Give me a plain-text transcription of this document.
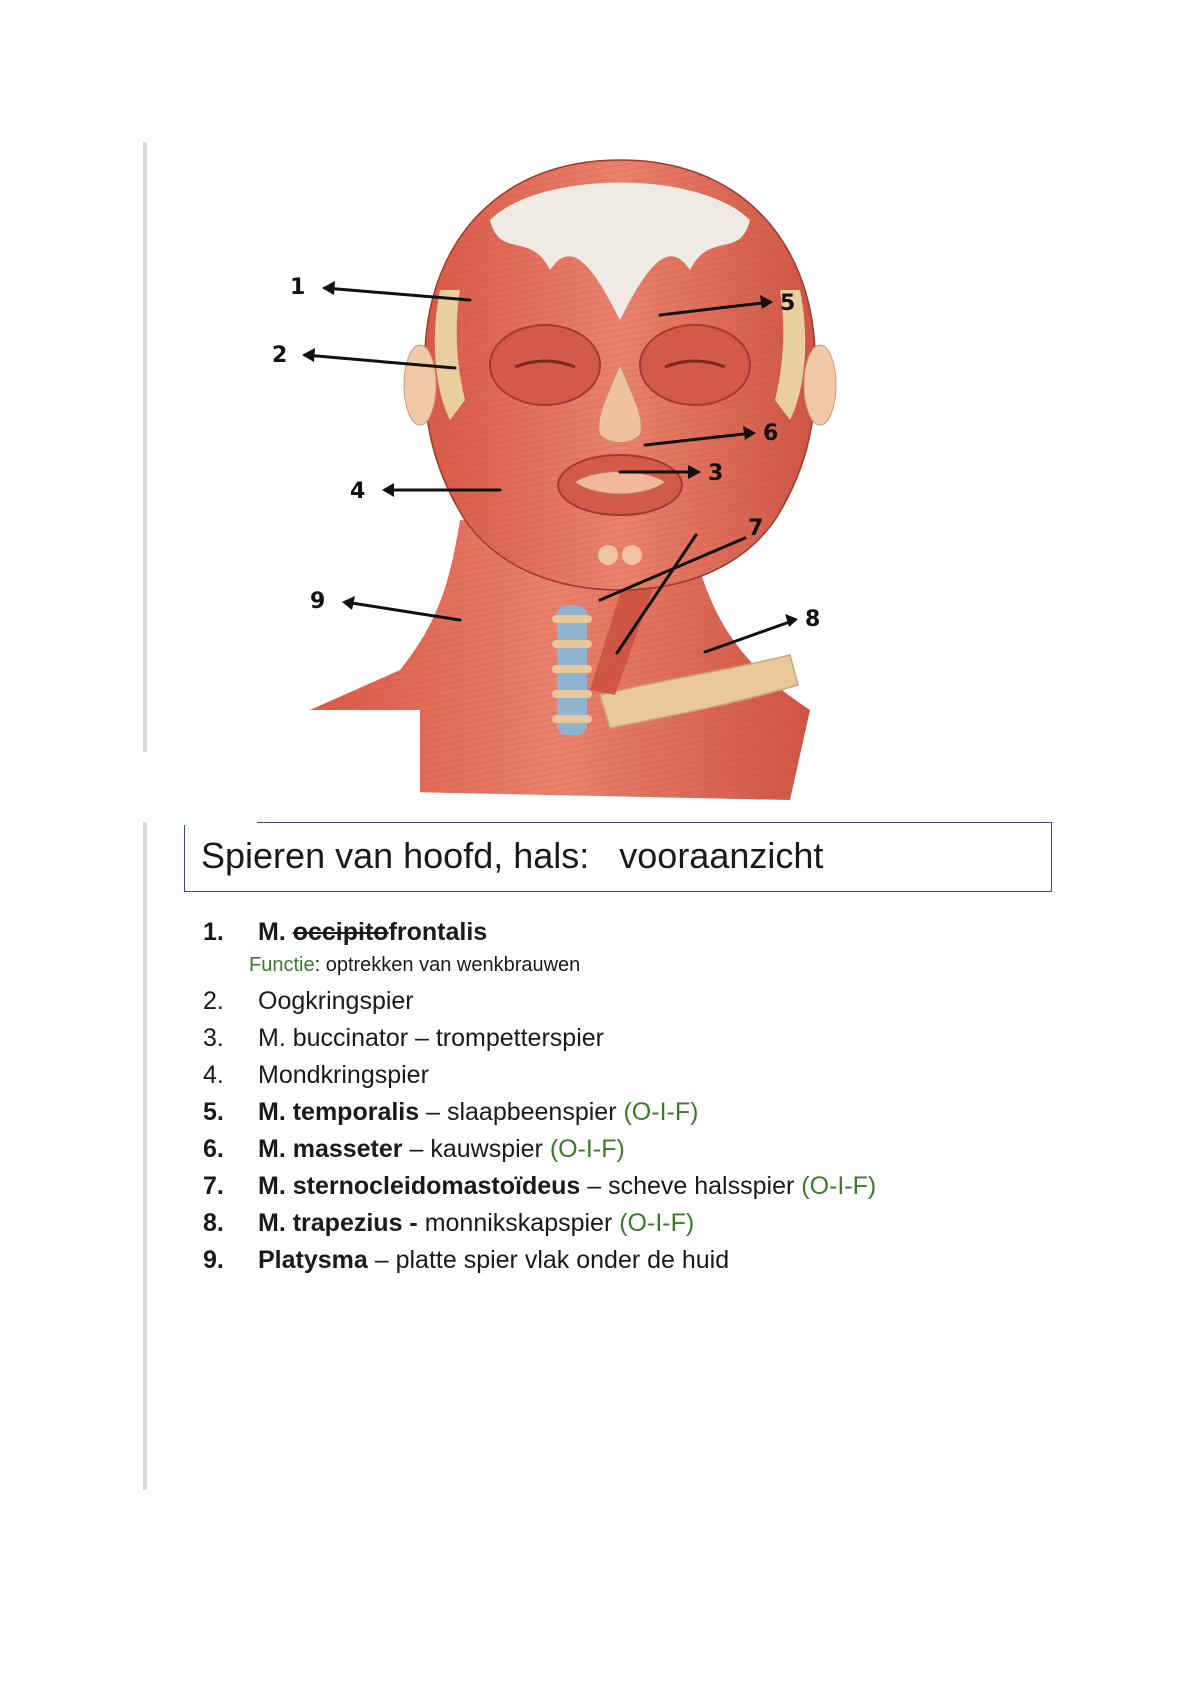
1
2
3
4
5
6
7
8
9
Spieren van hoofd, hals:   vooraanzicht
1.	M. occipitofrontalis
Functie: optrekken van wenkbrauwen
2.	Oogkringspier
3.	M. buccinator – trompetterspier
4.	Mondkringspier
5.	M. temporalis – slaapbeenspier (O-I-F)
6.	M. masseter – kauwspier (O-I-F)
7.	M. sternocleidomastoïdeus – scheve halsspier (O-I-F)
8.	M. trapezius - monnikskapspier (O-I-F)
9.	Platysma – platte spier vlak onder de huid
